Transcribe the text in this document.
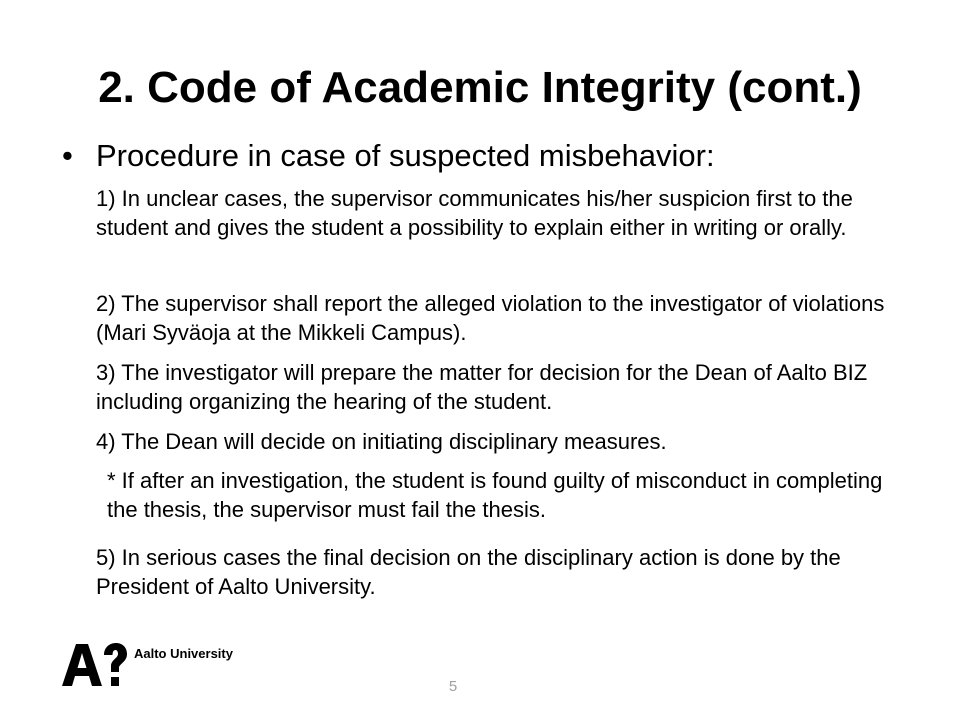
2. Code of Academic Integrity (cont.)
• Procedure in case of suspected misbehavior:

1) In unclear cases, the supervisor communicates his/her suspicion first to the student and gives the student a possibility to explain either in writing or orally.

2) The supervisor shall report the alleged violation to the investigator of violations (Mari Syväoja at the Mikkeli Campus).

3) The investigator will prepare the matter for decision for the Dean of Aalto BIZ including organizing the hearing of the student.

4) The Dean will decide on initiating disciplinary measures.

* If after an investigation, the student is found guilty of misconduct in completing the thesis, the supervisor must fail the thesis.

5) In serious cases the final decision on the disciplinary action is done by the President of Aalto University.

Aalto University
5
